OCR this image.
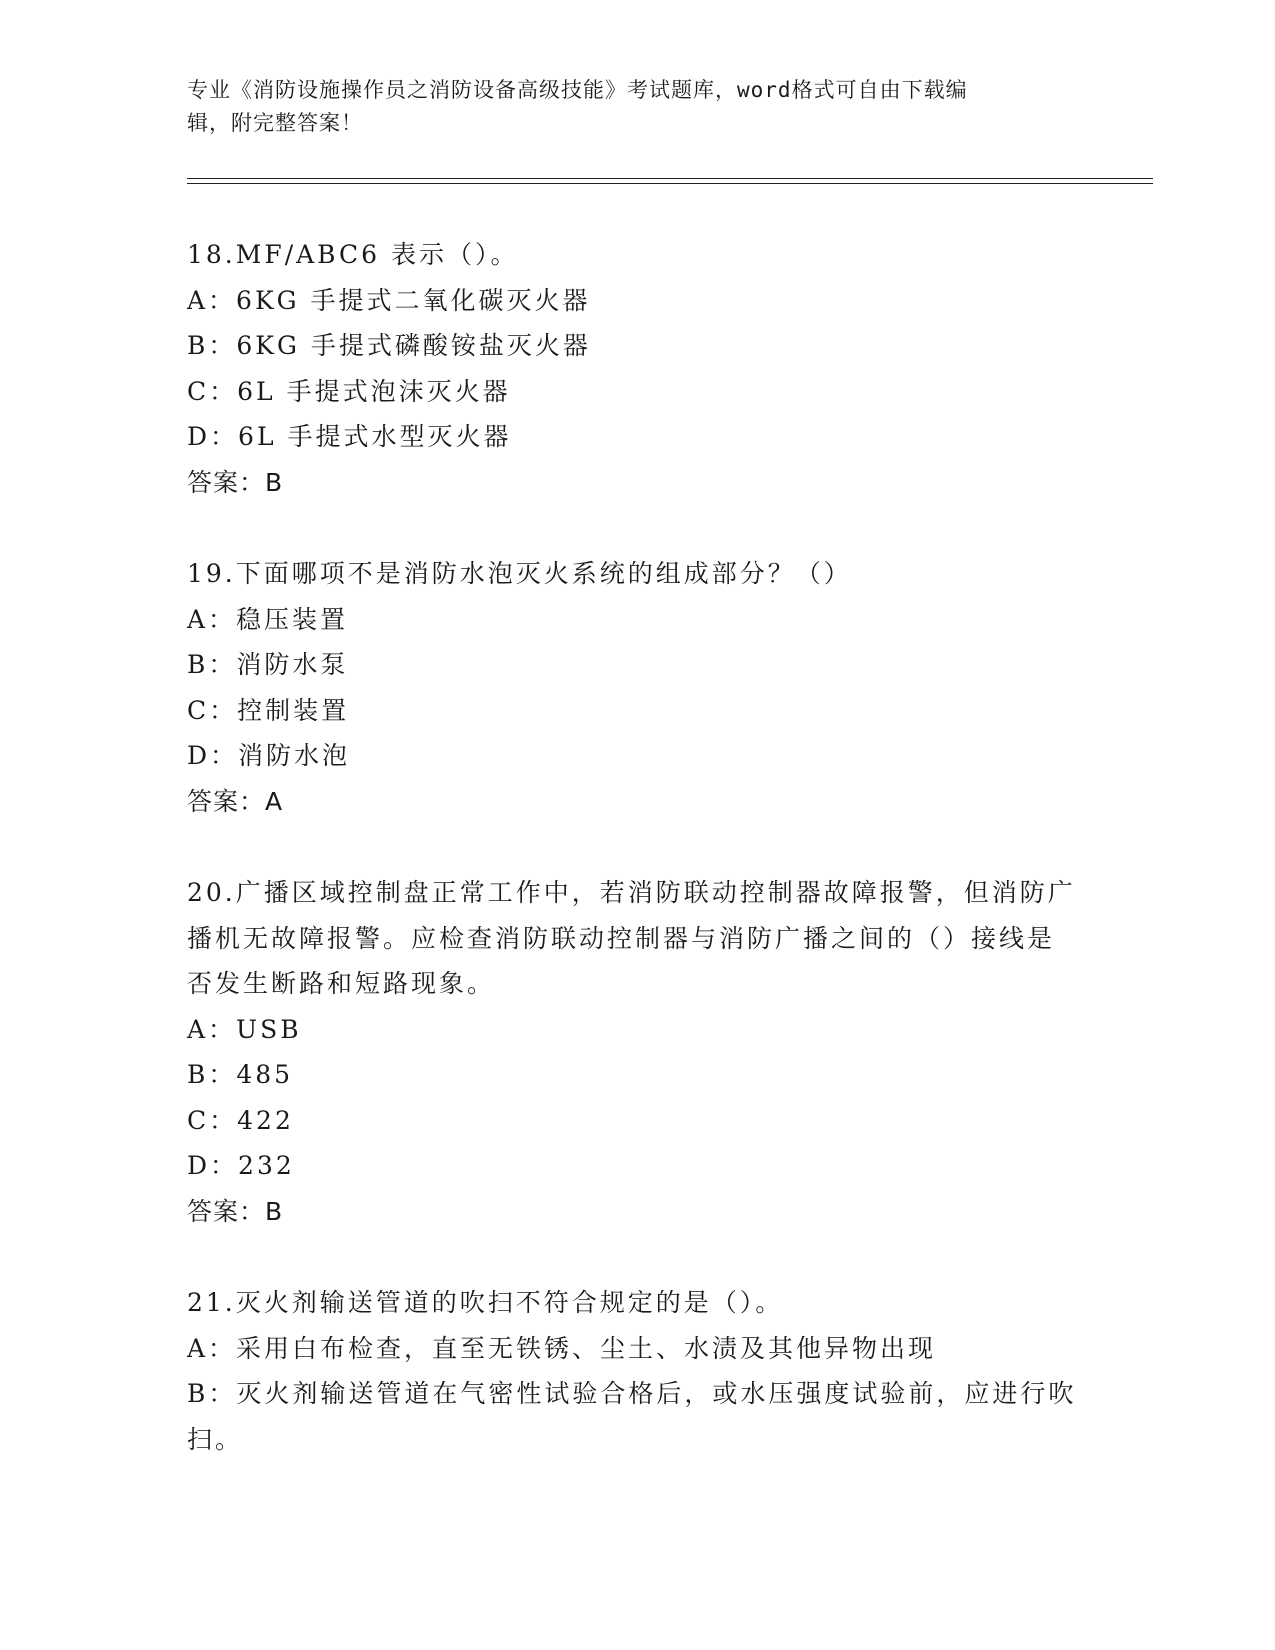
专业《消防设施操作员之消防设备高级技能》考试题库，word格式可自由下载编
辑，附完整答案！
18.MF/ABC6 表示（）。
A：6KG 手提式二氧化碳灭火器
B：6KG 手提式磷酸铵盐灭火器
C：6L 手提式泡沫灭火器
D：6L 手提式水型灭火器
答案：B
19.下面哪项不是消防水泡灭火系统的组成部分？（）
A：稳压装置
B：消防水泵
C：控制装置
D：消防水泡
答案：A
20.广播区域控制盘正常工作中，若消防联动控制器故障报警，但消防广播机无故障报警。应检查消防联动控制器与消防广播之间的（）接线是否发生断路和短路现象。
A：USB
B：485
C：422
D：232
答案：B
21.灭火剂输送管道的吹扫不符合规定的是（）。
A：采用白布检查，直至无铁锈、尘土、水渍及其他异物出现
B：灭火剂输送管道在气密性试验合格后，或水压强度试验前，应进行吹扫。
